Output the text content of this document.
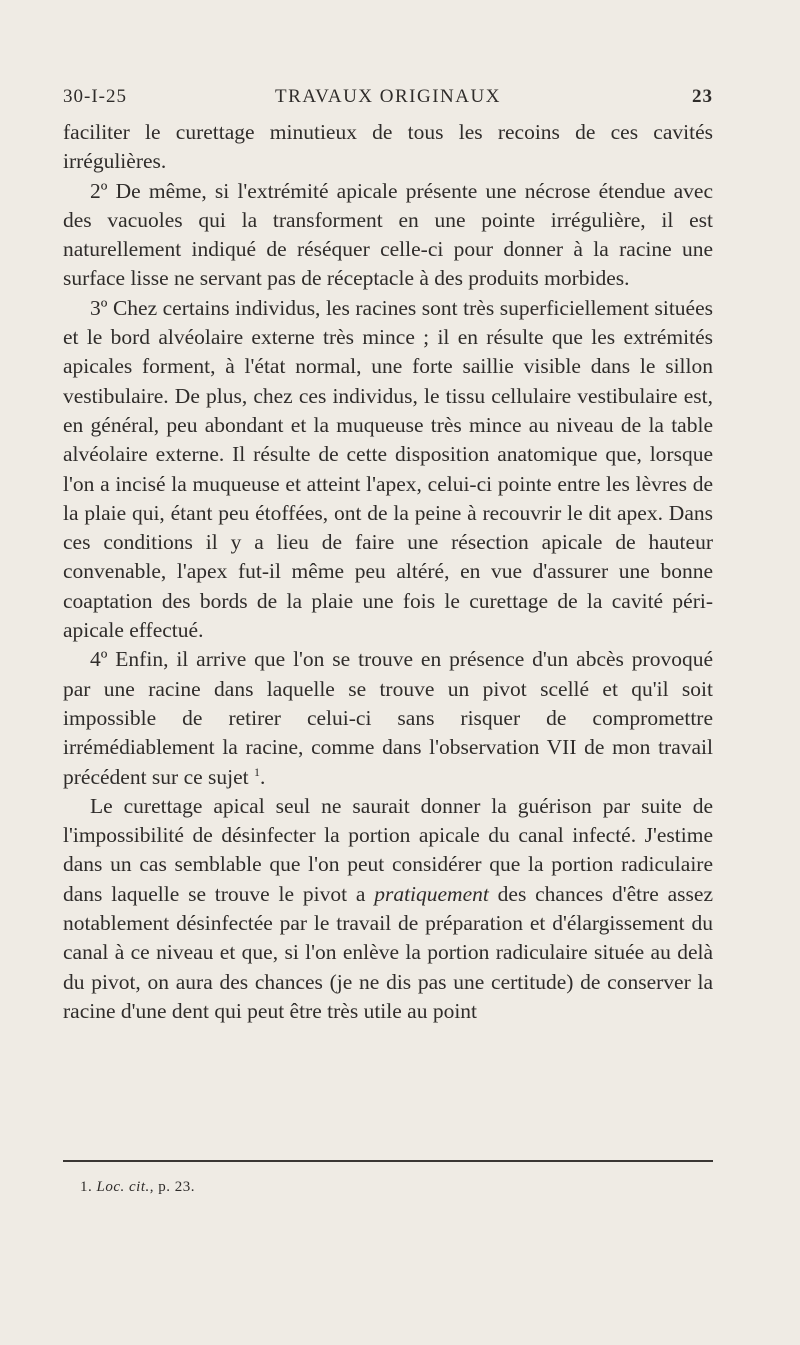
30-I-25	TRAVAUX ORIGINAUX	23

faciliter le curettage minutieux de tous les recoins de ces cavités irrégulières.

2º De même, si l'extrémité apicale présente une nécrose étendue avec des vacuoles qui la transforment en une pointe irrégulière, il est naturellement indiqué de réséquer celle-ci pour donner à la racine une surface lisse ne servant pas de réceptacle à des produits morbides.

3º Chez certains individus, les racines sont très superficiellement situées et le bord alvéolaire externe très mince ; il en résulte que les extrémités apicales forment, à l'état normal, une forte saillie visible dans le sillon vestibulaire. De plus, chez ces individus, le tissu cellulaire vestibulaire est, en général, peu abondant et la muqueuse très mince au niveau de la table alvéolaire externe. Il résulte de cette disposition anatomique que, lorsque l'on a incisé la muqueuse et atteint l'apex, celui-ci pointe entre les lèvres de la plaie qui, étant peu étoffées, ont de la peine à recouvrir le dit apex. Dans ces conditions il y a lieu de faire une résection apicale de hauteur convenable, l'apex fut-il même peu altéré, en vue d'assurer une bonne coaptation des bords de la plaie une fois le curettage de la cavité péri-apicale effectué.

4º Enfin, il arrive que l'on se trouve en présence d'un abcès provoqué par une racine dans laquelle se trouve un pivot scellé et qu'il soit impossible de retirer celui-ci sans risquer de compromettre irrémédiablement la racine, comme dans l'observation VII de mon travail précédent sur ce sujet $^1$.

Le curettage apical seul ne saurait donner la guérison par suite de l'impossibilité de désinfecter la portion apicale du canal infecté. J'estime dans un cas semblable que l'on peut considérer que la portion radiculaire dans laquelle se trouve le pivot a pratiquement des chances d'être assez notablement désinfectée par le travail de préparation et d'élargissement du canal à ce niveau et que, si l'on enlève la portion radiculaire située au delà du pivot, on aura des chances (je ne dis pas une certitude) de conserver la racine d'une dent qui peut être très utile au point

1. Loc. cit., p. 23.
